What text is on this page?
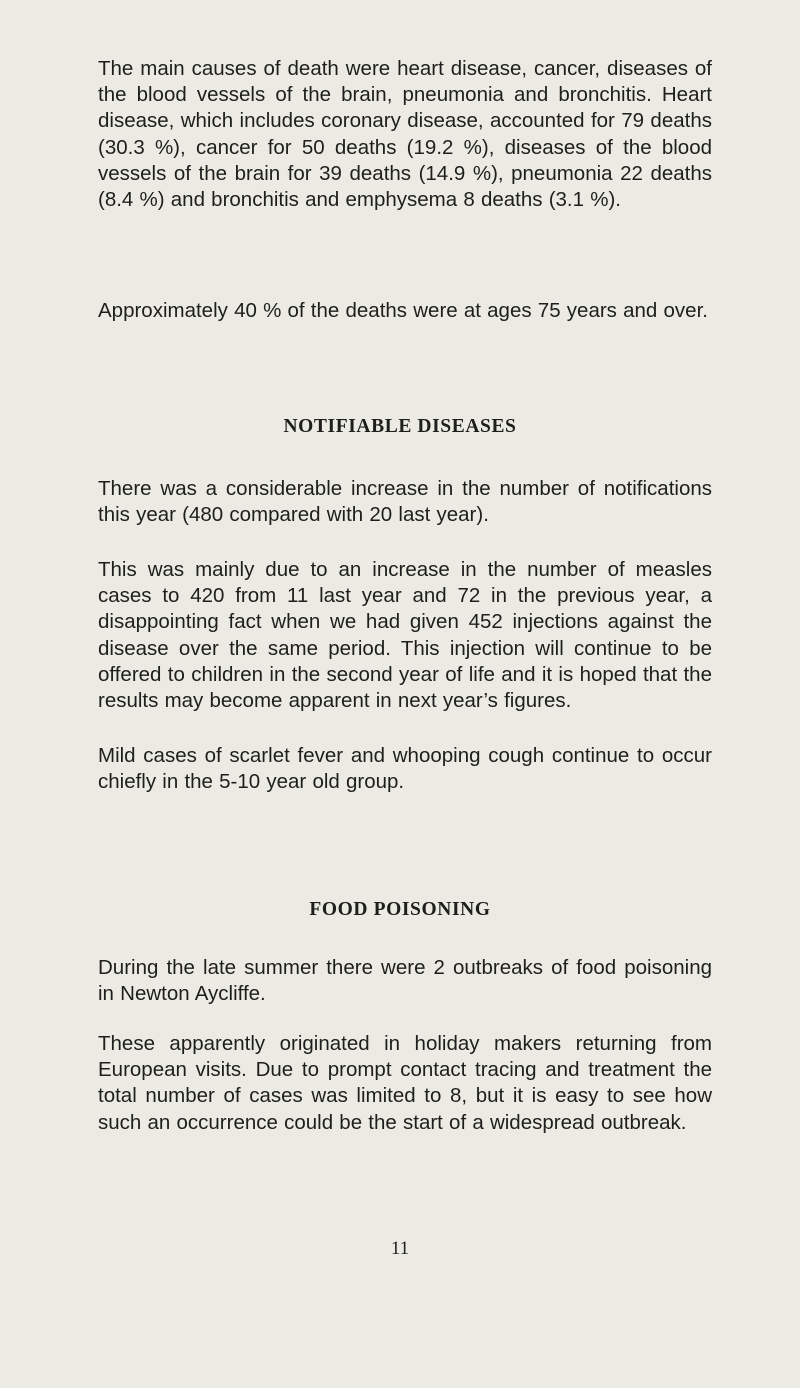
The main causes of death were heart disease, cancer, diseases of the blood vessels of the brain, pneumonia and bronchitis. Heart disease, which includes coronary disease, accounted for 79 deaths (30.3 %), cancer for 50 deaths (19.2 %), diseases of the blood vessels of the brain for 39 deaths (14.9 %), pneumonia 22 deaths (8.4 %) and bronchitis and emphysema 8 deaths (3.1 %).

Approximately 40 % of the deaths were at ages 75 years and over.

NOTIFIABLE DISEASES

There was a considerable increase in the number of notifications this year (480 compared with 20 last year).

This was mainly due to an increase in the number of measles cases to 420 from 11 last year and 72 in the previous year, a disappointing fact when we had given 452 injections against the disease over the same period. This injection will continue to be offered to children in the second year of life and it is hoped that the results may become apparent in next year’s figures.

Mild cases of scarlet fever and whooping cough continue to occur chiefly in the 5-10 year old group.

FOOD POISONING

During the late summer there were 2 outbreaks of food poisoning in Newton Aycliffe.

These apparently originated in holiday makers returning from European visits. Due to prompt contact tracing and treatment the total number of cases was limited to 8, but it is easy to see how such an occurrence could be the start of a widespread outbreak.

11
